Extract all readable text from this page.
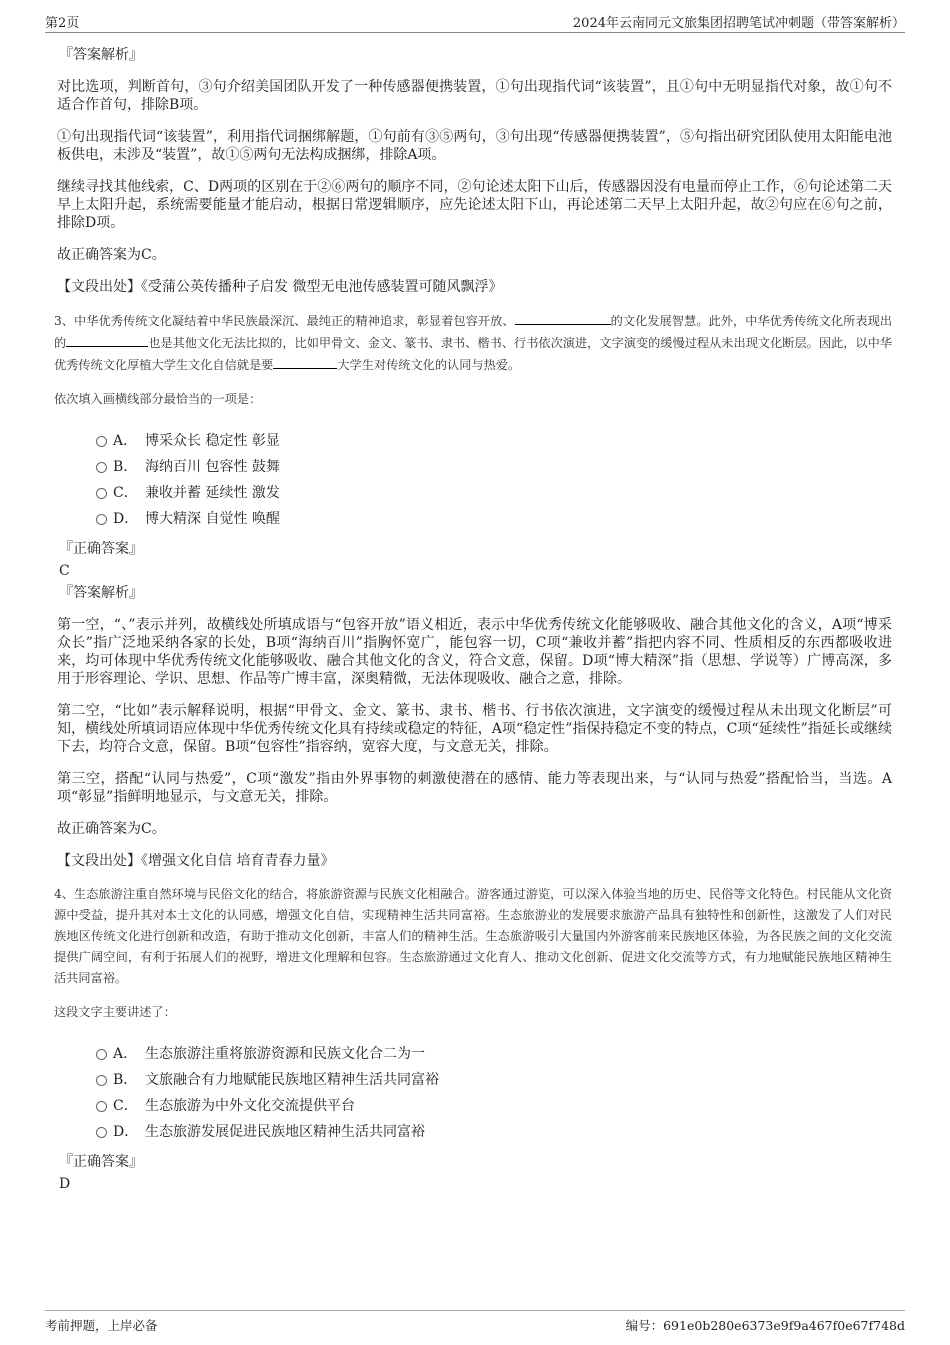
第2页	2024年云南同元文旅集团招聘笔试冲刺题（带答案解析）
『答案解析』

对比选项，判断首句，③句介绍美国团队开发了一种传感器便携装置，①句出现指代词“该装置”，且①句中无明显指代对象，故①句不适合作首句，排除B项。

①句出现指代词“该装置”，利用指代词捆绑解题，①句前有③⑤两句，③句出现“传感器便携装置”，⑤句指出研究团队使用太阳能电池板供电，未涉及“装置”，故①⑤两句无法构成捆绑，排除A项。

继续寻找其他线索，C、D两项的区别在于②⑥两句的顺序不同，②句论述太阳下山后，传感器因没有电量而停止工作，⑥句论述第二天早上太阳升起，系统需要能量才能启动，根据日常逻辑顺序，应先论述太阳下山，再论述第二天早上太阳升起，故②句应在⑥句之前，排除D项。

故正确答案为C。

【文段出处】《受蒲公英传播种子启发 微型无电池传感装置可随风飘浮》

3、中华优秀传统文化凝结着中华民族最深沉、最纯正的精神追求，彰显着包容开放、	的文化发展智慧。此外，中华优秀传统文化所表现出的	也是其他文化无法比拟的，比如甲骨文、金文、篆书、隶书、楷书、行书依次演进，文字演变的缓慢过程从未出现文化断层。因此，以中华优秀传统文化厚植大学生文化自信就是要	大学生对传统文化的认同与热爱。

依次填入画横线部分最恰当的一项是：

A． 博采众长 稳定性 彰显
B． 海纳百川 包容性 鼓舞
C． 兼收并蓄 延续性 激发
D． 博大精深 自觉性 唤醒
『正确答案』
C
『答案解析』

第一空，“、”表示并列，故横线处所填成语与“包容开放”语义相近，表示中华优秀传统文化能够吸收、融合其他文化的含义，A项“博采众长”指广泛地采纳各家的长处，B项“海纳百川”指胸怀宽广，能包容一切，C项“兼收并蓄”指把内容不同、性质相反的东西都吸收进来，均可体现中华优秀传统文化能够吸收、融合其他文化的含义，符合文意，保留。D项“博大精深”指（思想、学说等）广博高深，多用于形容理论、学识、思想、作品等广博丰富，深奥精微，无法体现吸收、融合之意，排除。

第二空，“比如”表示解释说明，根据“甲骨文、金文、篆书、隶书、楷书、行书依次演进，文字演变的缓慢过程从未出现文化断层”可知，横线处所填词语应体现中华优秀传统文化具有持续或稳定的特征，A项“稳定性”指保持稳定不变的特点，C项“延续性”指延长或继续下去，均符合文意，保留。B项“包容性”指容纳，宽容大度，与文意无关，排除。

第三空，搭配“认同与热爱”，C项“激发”指由外界事物的刺激使潜在的感情、能力等表现出来，与“认同与热爱”搭配恰当，当选。A项“彰显”指鲜明地显示，与文意无关，排除。

故正确答案为C。

【文段出处】《增强文化自信 培育青春力量》

4、生态旅游注重自然环境与民俗文化的结合，将旅游资源与民族文化相融合。游客通过游览，可以深入体验当地的历史、民俗等文化特色。村民能从文化资源中受益，提升其对本土文化的认同感，增强文化自信，实现精神生活共同富裕。生态旅游业的发展要求旅游产品具有独特性和创新性，这激发了人们对民族地区传统文化进行创新和改造，有助于推动文化创新，丰富人们的精神生活。生态旅游吸引大量国内外游客前来民族地区体验，为各民族之间的文化交流提供广阔空间，有利于拓展人们的视野，增进文化理解和包容。生态旅游通过文化育人、推动文化创新、促进文化交流等方式，有力地赋能民族地区精神生活共同富裕。

这段文字主要讲述了：

A． 生态旅游注重将旅游资源和民族文化合二为一
B． 文旅融合有力地赋能民族地区精神生活共同富裕
C． 生态旅游为中外文化交流提供平台
D． 生态旅游发展促进民族地区精神生活共同富裕
『正确答案』
D
考前押题，上岸必备	编号：691e0b280e6373e9f9a467f0e67f748d
